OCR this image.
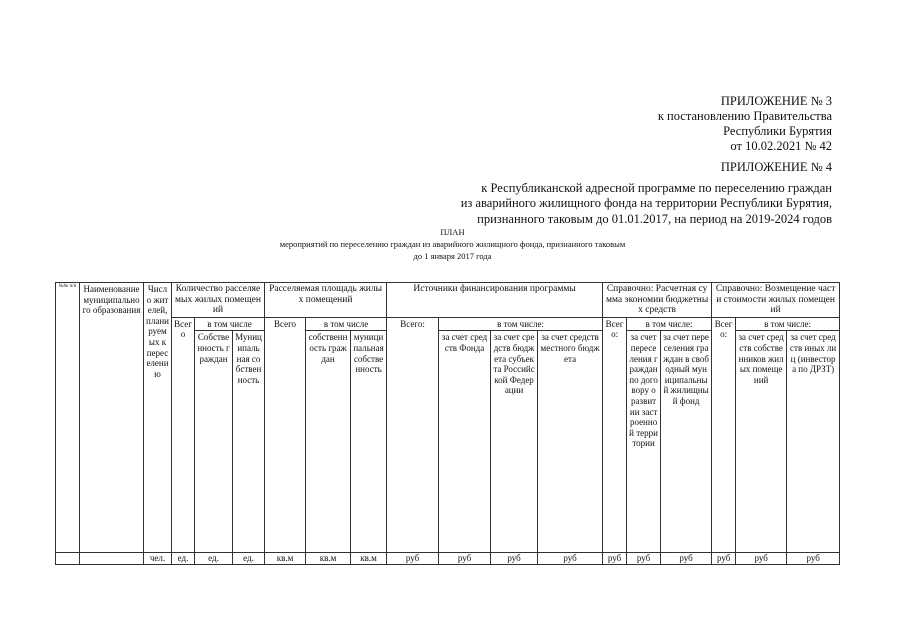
ПРИЛОЖЕНИЕ № 3
к постановлению Правительства
Республики Бурятия
от 10.02.2021 № 42
ПРИЛОЖЕНИЕ № 4
к Республиканской адресной программе по переселению граждан
из аварийного жилищного фонда на территории Республики Бурятия,
признанного таковым до 01.01.2017, на период на 2019-2024 годов
ПЛАН
мероприятий по переселению граждан из аварийного жилищного фонда, признанного таковым
до 1 января 2017 года
№№ п/п	Наименование муниципального образования	Число жителей, планируемых к переселению	Количество расселяемых жилых помещений			Расселяемая площадь жилых помещений			Источники финансирования программы				Справочно: Расчетная сумма экономии бюджетных средств			Справочно: Возмещение части стоимости жилых помещений		
			Всего	в том числе		Всего	в том числе		Всего:	в том числе:			Всего:	в том числе:		Всего:	в том числе:	
				Собственность граждан	Муниципальная собственность		собственность граждан	муниципальная собственность		за счет средств Фонда	за счет средств бюджета субъекта Российской Федерации	за счет средств местного бюджета		за счет переселения граждан по договору о развитии застроенной территории	за счет переселения граждан в свободный муниципальный жилищный фонд		за счет средств собственников жилых помещений	за счет средств иных лиц (инвестора по ДРЗТ)
		чел.	ед.	ед.	ед.	кв.м	кв.м	кв.м	руб	руб	руб	руб	руб	руб	руб	руб	руб	руб
